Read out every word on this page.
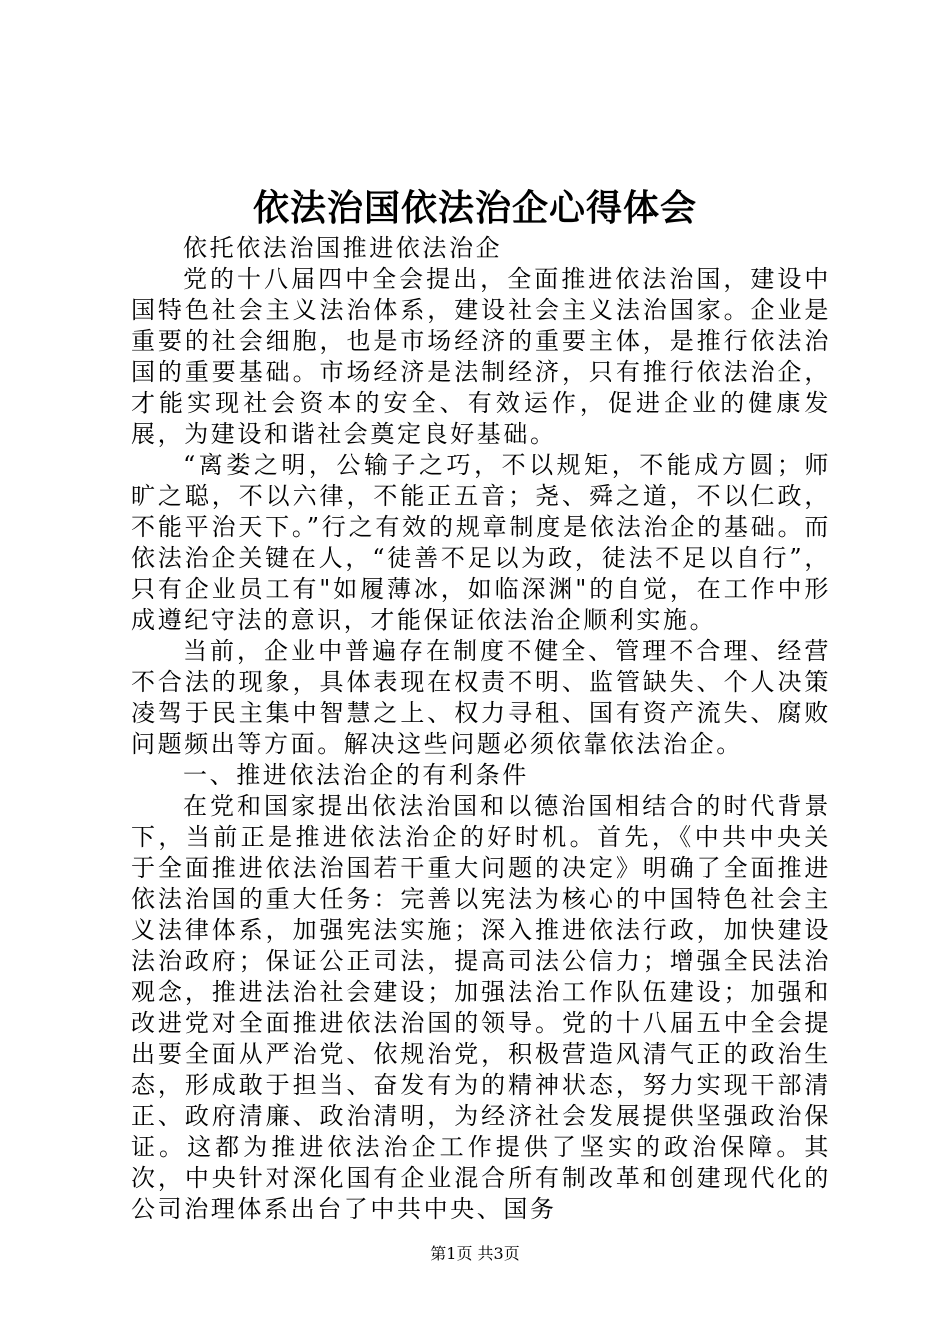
依法治国依法治企心得体会

依托依法治国推进依法治企

党的十八届四中全会提出，全面推进依法治国，建设中国特色社会主义法治体系，建设社会主义法治国家。企业是重要的社会细胞，也是市场经济的重要主体，是推行依法治国的重要基础。市场经济是法制经济，只有推行依法治企，才能实现社会资本的安全、有效运作，促进企业的健康发展，为建设和谐社会奠定良好基础。

“离娄之明，公输子之巧，不以规矩，不能成方圆；师旷之聪，不以六律，不能正五音；尧、舜之道，不以仁政，不能平治天下。”行之有效的规章制度是依法治企的基础。而依法治企关键在人，“徒善不足以为政，徒法不足以自行”，只有企业员工有"如履薄冰，如临深渊"的自觉，在工作中形成遵纪守法的意识，才能保证依法治企顺利实施。

当前，企业中普遍存在制度不健全、管理不合理、经营不合法的现象，具体表现在权责不明、监管缺失、个人决策凌驾于民主集中智慧之上、权力寻租、国有资产流失、腐败问题频出等方面。解决这些问题必须依靠依法治企。

一、推进依法治企的有利条件

在党和国家提出依法治国和以德治国相结合的时代背景下，当前正是推进依法治企的好时机。首先，《中共中央关于全面推进依法治国若干重大问题的决定》明确了全面推进依法治国的重大任务：完善以宪法为核心的中国特色社会主义法律体系，加强宪法实施；深入推进依法行政，加快建设法治政府；保证公正司法，提高司法公信力；增强全民法治观念，推进法治社会建设；加强法治工作队伍建设；加强和改进党对全面推进依法治国的领导。党的十八届五中全会提出要全面从严治党、依规治党，积极营造风清气正的政治生态，形成敢于担当、奋发有为的精神状态，努力实现干部清正、政府清廉、政治清明，为经济社会发展提供坚强政治保证。这都为推进依法治企工作提供了坚实的政治保障。其次，中央针对深化国有企业混合所有制改革和创建现代化的公司治理体系出台了中共中央、国务

第1页 共3页
